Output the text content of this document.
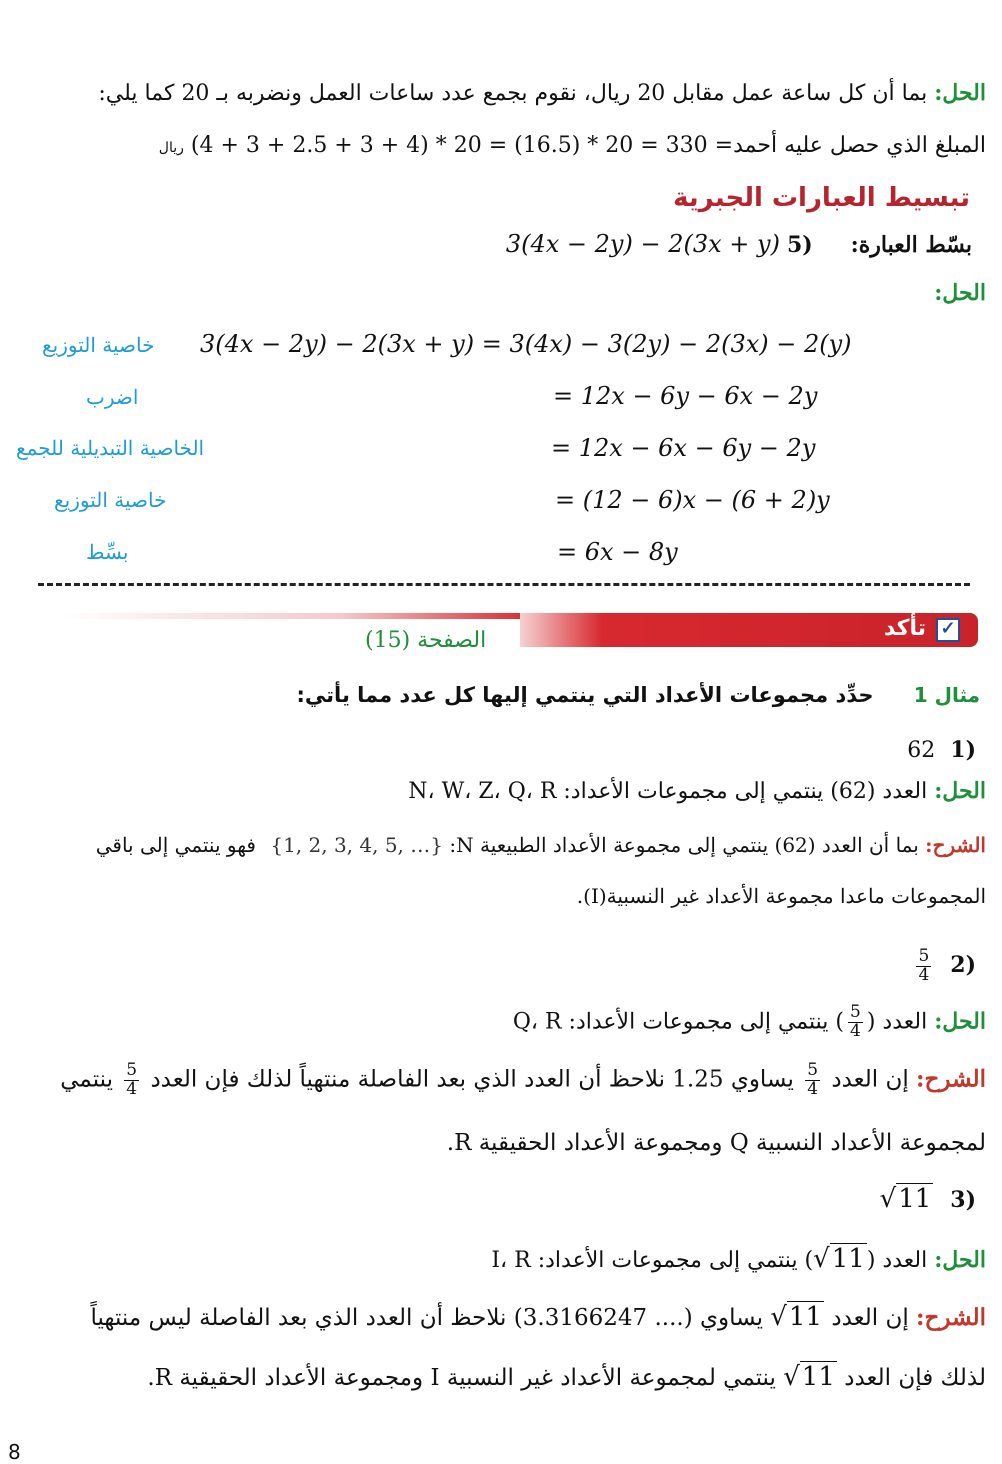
الحل: بما أن كل ساعة عمل مقابل 20 ريال، نقوم بجمع عدد ساعات العمل ونضربه بـ 20 كما يلي:
المبلغ الذي حصل عليه أحمد= (4 + 3 + 2.5 + 3 + 4) * 20 = (16.5) * 20 = 330 ريال
تبسيط العبارات الجبرية
بسّط العبارة:  5) 3(4x − 2y) − 2(3x + y)
الحل:
3(4x − 2y) − 2(3x + y) = 3(4x) − 3(2y) − 2(3x) − 2(y)
خاصية التوزيع
= 12x − 6y − 6x − 2y
اضرب
= 12x − 6x − 6y − 2y
الخاصية التبديلية للجمع
= (12 − 6)x − (6 + 2)y
خاصية التوزيع
= 6x − 8y
بسِّط
✓
تأكد
الصفحة (15)
مثال 1  حدِّد مجموعات الأعداد التي ينتمي إليها كل عدد مما يأتي:
1) 62
الحل: العدد (62) ينتمي إلى مجموعات الأعداد: N، W، Z، Q، R
الشرح: بما أن العدد (62) ينتمي إلى مجموعة الأعداد الطبيعية N: {1, 2, 3, 4, 5, …} فهو ينتمي إلى باقي
المجموعات ماعدا مجموعة الأعداد غير النسبية(I).
2)
$\frac{5}{4}$
الحل: العدد (
$\frac{5}{4}$
) ينتمي إلى مجموعات الأعداد: Q، R
الشرح: إن العدد
$\frac{5}{4}$
يساوي 1.25 نلاحظ أن العدد الذي بعد الفاصلة منتهياً لذلك فإن العدد
$\frac{5}{4}$
ينتمي
لمجموعة الأعداد النسبية Q ومجموعة الأعداد الحقيقية R.
3) √11
الحل: العدد (√11) ينتمي إلى مجموعات الأعداد: I، R
الشرح: إن العدد √11 يساوي (.... 3.3166247) نلاحظ أن العدد الذي بعد الفاصلة ليس منتهياً
لذلك فإن العدد √11 ينتمي لمجموعة الأعداد غير النسبية I ومجموعة الأعداد الحقيقية R.
8
